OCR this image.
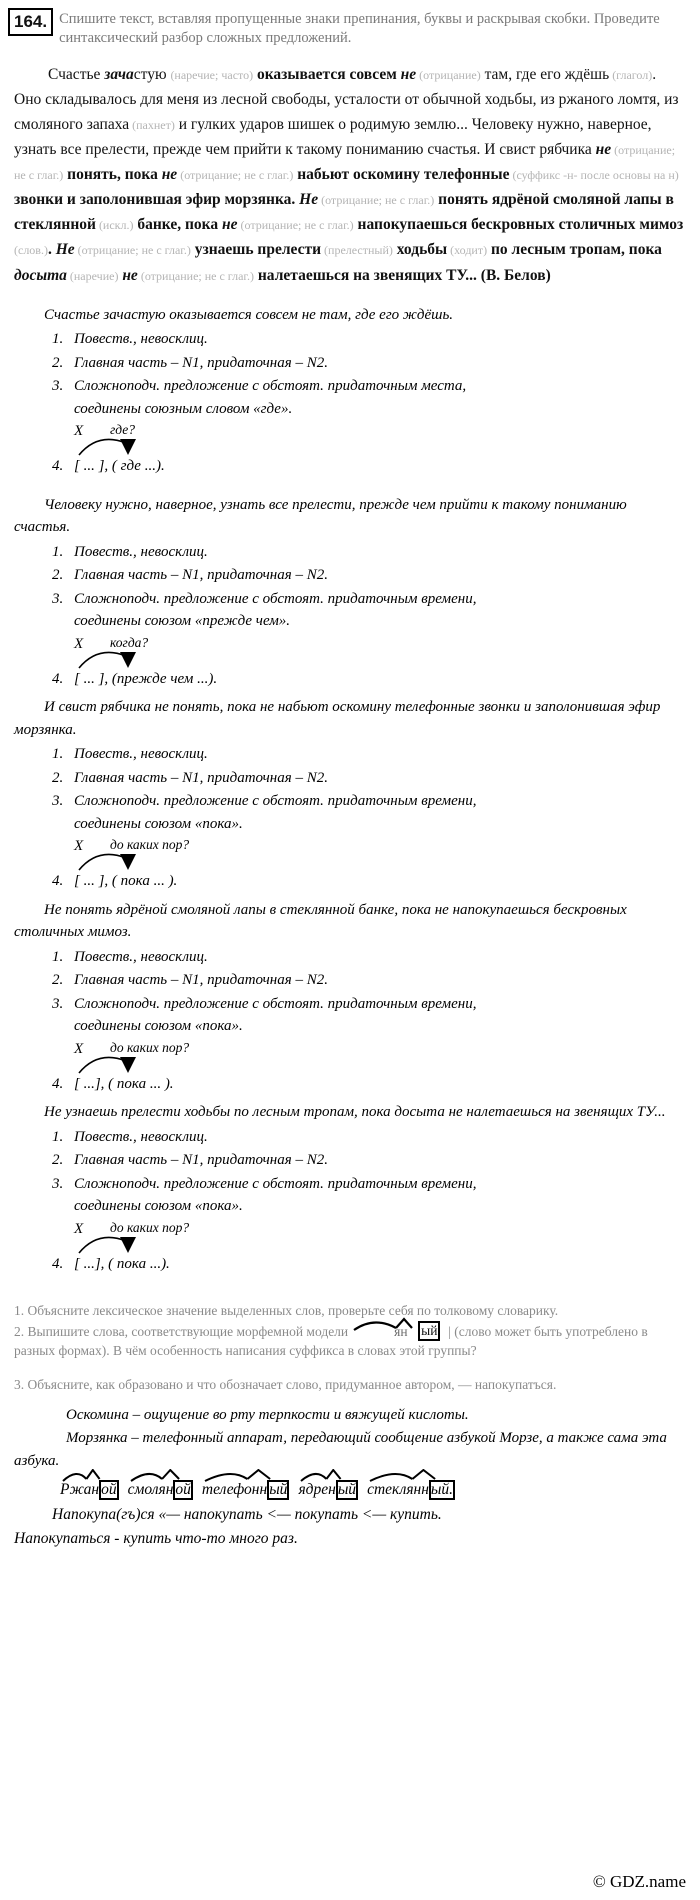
164. Спишите текст, вставляя пропущенные знаки препинания, буквы и раскрывая скобки. Проведите синтаксический разбор сложных предложений.
Счастье зачастую (наречие; часто) оказывается совсем не (отрицание) там, где его ждёшь (глагол). Оно складывалось для меня из лесной свободы, усталости от обычной ходьбы, из ржаного ломтя, из смоляного запаха (пахнет) и гулких ударов шишек о родимую землю... Человеку нужно, наверное, узнать все прелести, прежде чем прийти к такому пониманию счастья. И свист рябчика не (отрицание; не с глаг.) понять, пока не (отрицание; не с глаг.) набьют оскомину телефонные (суффикс -н- после основы на н) звонки и заполонившая эфир морзянка. Не (отрицание; не с глаг.) понять ядрёной смоляной лапы в стеклянной (искл.) банке, пока не (отрицание; не с глаг.) напокупаешься бескровных столичных мимоз (слов.). Не (отрицание; не с глаг.) узнаешь прелести (прелестный) ходьбы (ходит) по лесным тропам, пока досыта (наречие) не (отрицание; не с глаг.) налетаешься на звенящих ТУ... (В. Белов)
Счастье зачастую оказывается совсем не там, где его ждёшь.
1. Повеств., невосклиц.
2. Главная часть – N1, придаточная – N2.
3. Сложноподч. предложение с обстоят. придаточным места,
соединены союзным словом «где».
X где?
4. [ ... ], ( где ...).
Человеку нужно, наверное, узнать все прелести, прежде чем прийти к такому пониманию счастья.
1. Повеств., невосклиц.
2. Главная часть – N1, придаточная – N2.
3. Сложноподч. предложение с обстоят. придаточным времени,
соединены союзом «прежде чем».
X когда?
4. [ ... ], (прежде чем ...).
И свист рябчика не понять, пока не набьют оскомину телефонные звонки и заполонившая эфир морзянка.
1. Повеств., невосклиц.
2. Главная часть – N1, придаточная – N2.
3. Сложноподч. предложение с обстоят. придаточным времени,
соединены союзом «пока».
X до каких пор?
4. [ ... ], ( пока ... ).
Не понять ядрёной смоляной лапы в стеклянной банке, пока не напокупаешься бескровных столичных мимоз.
1. Повеств., невосклиц.
2. Главная часть – N1, придаточная – N2.
3. Сложноподч. предложение с обстоят. придаточным времени,
соединены союзом «пока».
X до каких пор?
4. [ ...], ( пока ... ).
Не узнаешь прелести ходьбы по лесным тропам, пока досыта не налетаешься на звенящих ТУ...
1. Повеств., невосклиц.
2. Главная часть – N1, придаточная – N2.
3. Сложноподч. предложение с обстоят. придаточным времени,
соединены союзом «пока».
X до каких пор?
4. [ ...], ( пока ...).

1. Объясните лексическое значение выделенных слов, проверьте себя по толковому словарику.

2. Выпишите слова, соответствующие морфемной модели	ян ый | (слово может быть употреблено в разных формах). В чём особенность написания суффикса в словах этой группы?

3. Объясните, как образовано и что обозначает слово, придуманное автором, — напокупатъся.

Оскомина – ощущение во рту терпкости и вяжущей кислоты.
Морзянка – телефонный аппарат, передающий сообщение азбукой Морзе, а также сама эта азбука.
Ржан ой смолян ой телефонн ый ядрен ый стеклянн ый.
Напокупа(гъ)ся «— напокупать <— покупать <— купить.
Напокупаться - купить что-то много раз.
© GDZ.name
